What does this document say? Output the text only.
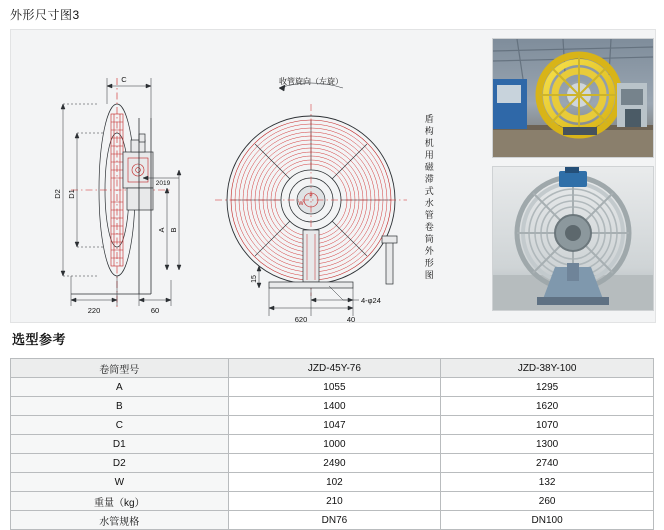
外形尺寸图3
C
D2 D1
2019
A B
220	60
收管旋向（左旋）
⌀
620	40
15
4-φ24
W	盾构机用磁滞式水管卷筒外形图
选型参考
卷筒型号	JZD-45Y-76	JZD-38Y-100
A	1055	1295
B	1400	1620
C	1047	1070
D1	1000	1300
D2	2490	2740
W	102	132
重量（kg）	210	260
水管规格	DN76	DN100
